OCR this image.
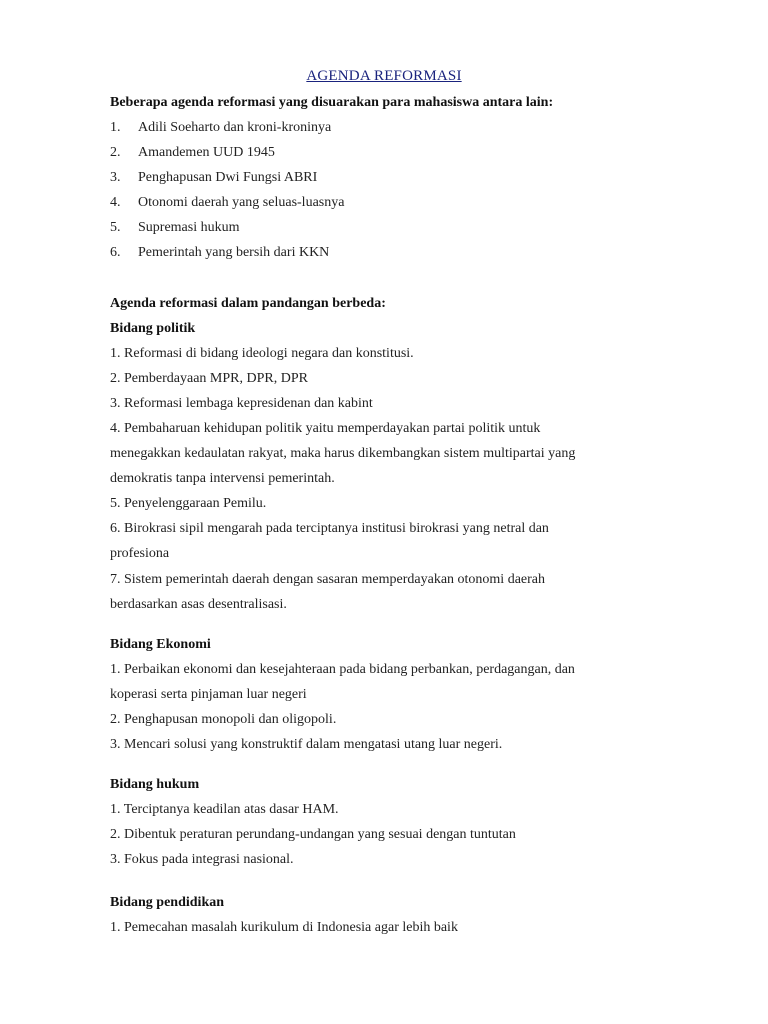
AGENDA REFORMASI
Beberapa agenda reformasi yang disuarakan para mahasiswa antara lain:
1. Adili Soeharto dan kroni-kroninya
2. Amandemen UUD 1945
3. Penghapusan Dwi Fungsi ABRI
4. Otonomi daerah yang seluas-luasnya
5. Supremasi hukum
6. Pemerintah yang bersih dari KKN
Agenda reformasi dalam pandangan berbeda:
Bidang politik
1. Reformasi di bidang ideologi negara dan konstitusi.
2. Pemberdayaan MPR, DPR, DPR
3. Reformasi lembaga kepresidenan dan kabint
4. Pembaharuan kehidupan politik yaitu memperdayakan partai politik untuk
menegakkan kedaulatan rakyat, maka harus dikembangkan sistem multipartai yang
demokratis tanpa intervensi pemerintah.
5. Penyelenggaraan Pemilu.
6. Birokrasi sipil mengarah pada terciptanya institusi birokrasi yang netral dan
profesiona
7. Sistem pemerintah daerah dengan sasaran memperdayakan otonomi daerah
berdasarkan asas desentralisasi.
Bidang Ekonomi
1. Perbaikan ekonomi dan kesejahteraan pada bidang perbankan, perdagangan, dan
koperasi serta pinjaman luar negeri
2. Penghapusan monopoli dan oligopoli.
3. Mencari solusi yang konstruktif dalam mengatasi utang luar negeri.
Bidang hukum
1. Terciptanya keadilan atas dasar HAM.
2. Dibentuk peraturan perundang-undangan yang sesuai dengan tuntutan
3. Fokus pada integrasi nasional.
Bidang pendidikan
1. Pemecahan masalah kurikulum di Indonesia agar lebih baik
